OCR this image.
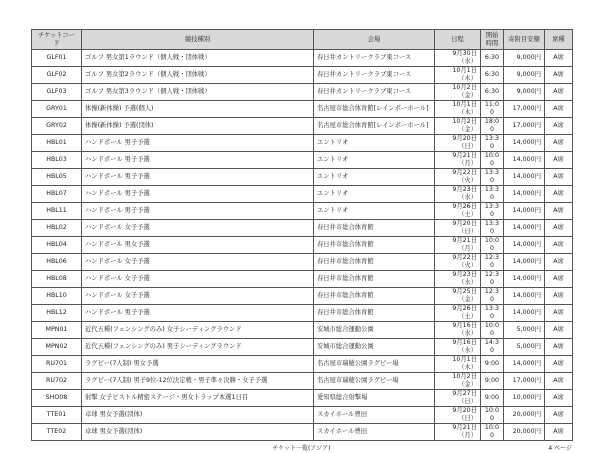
チケットコード	競技種別	会場	日程	開始時間	寄附目安額	席種
GLF01	ゴルフ 男女第1ラウンド（個人戦・団体戦）	春日井カントリークラブ東コース	9月30日（水）	6:30	9,000円	A席
GLF02	ゴルフ 男女第2ラウンド（個人戦・団体戦）	春日井カントリークラブ東コース	10月1日（木）	6:30	9,000円	A席
GLF03	ゴルフ 男女第3ラウンド（個人戦・団体戦）	春日井カントリークラブ東コース	10月2日（金）	6:30	9,000円	A席
GRY01	体操(新体操) 予選(個人)	名古屋市総合体育館[レインボーホール]	10月1日（木）	11:00	17,000円	A席
GRY02	体操(新体操) 予選(団体)	名古屋市総合体育館[レインボーホール]	10月2日（金）	18:00	17,000円	A席
HBL01	ハンドボール 男子予選	エントリオ	9月20日（日）	13:30	14,000円	A席
HBL03	ハンドボール 男子予選	エントリオ	9月21日（月）	10:00	14,000円	A席
HBL05	ハンドボール 男子予選	エントリオ	9月22日（火）	13:30	14,000円	A席
HBL07	ハンドボール 男子予選	エントリオ	9月23日（水）	13:30	14,000円	A席
HBL11	ハンドボール 男子予選	エントリオ	9月26日（土）	13:30	14,000円	A席
HBL02	ハンドボール 女子予選	春日井市総合体育館	9月20日（日）	13:30	14,000円	A席
HBL04	ハンドボール 男女予選	春日井市総合体育館	9月21日（月）	10:00	14,000円	A席
HBL06	ハンドボール 女子予選	春日井市総合体育館	9月22日（火）	12:30	14,000円	A席
HBL08	ハンドボール 女子予選	春日井市総合体育館	9月23日（水）	12:30	14,000円	A席
HBL10	ハンドボール 女子予選	春日井市総合体育館	9月25日（金）	12:30	14,000円	A席
HBL12	ハンドボール 男子予選	春日井市総合体育館	9月26日（土）	13:30	14,000円	A席
MPN01	近代五種(フェンシングのみ) 女子シーディングラウンド	安城市総合運動公園	9月16日（水）	10:00	5,000円	A席
MPN02	近代五種(フェンシングのみ) 男子シーディングラウンド	安城市総合運動公園	9月16日（水）	14:30	5,000円	A席
RU701	ラグビー(7人制) 男女予選	名古屋市瑞穂公園ラグビー場	10月1日（木）	9:00	14,000円	A席
RU702	ラグビー(7人制) 男子9位-12位決定戦・男子準々決勝・女子予選	名古屋市瑞穂公園ラグビー場	10月2日（金）	9:00	17,000円	A席
SHO08	射撃 女子ピストル精密ステージ・男女トラップ本選1日目	愛知県総合射撃場	9月27日（日）	9:00	10,000円	A席
TTE01	卓球 男女予選(団体)	スカイホール豊田	9月20日（日）	10:00	20,000円	A席
TTE02	卓球 男女予選(団体)	スカイホール豊田	9月21日（月）	10:00	20,000円	A席
チケット一覧(アジア)	4 ページ
